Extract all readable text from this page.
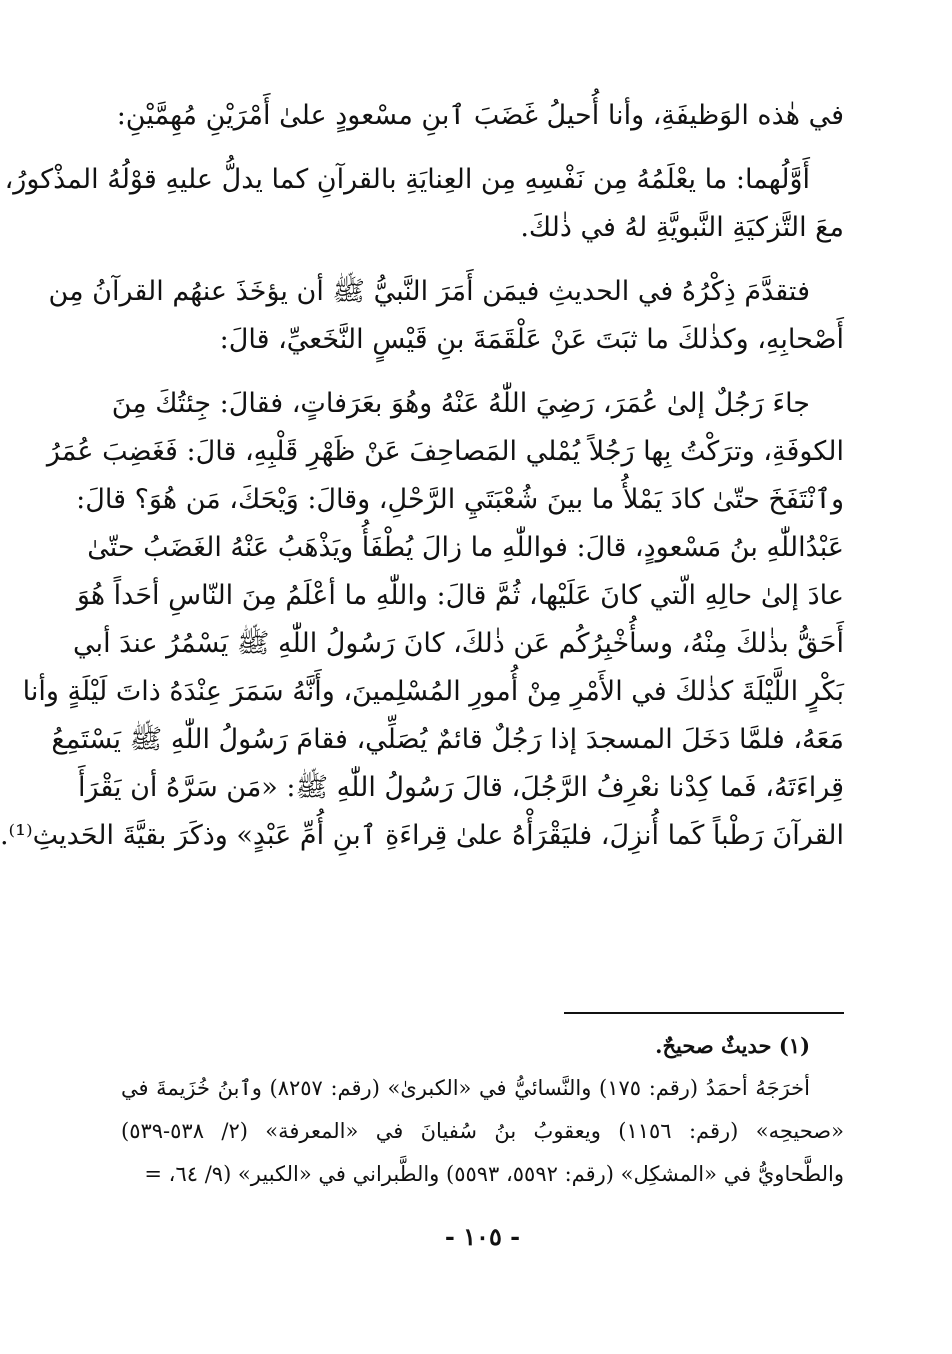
في هٰذه الوَظيفَةِ، وأنا أُحيلُ غَضَبَ ٱبنِ مسْعودٍ علىٰ أَمْرَيْنِ مُهِمَّيْنِ:
أَوَّلُهما: ما يعْلَمُهُ مِن نَفْسِهِ مِن العِنايَةِ بالقرآنِ كما يدلُّ عليهِ قوْلُهُ المذْكورُ،
معَ التَّزكيَةِ النَّبويَّةِ لهُ في ذٰلكَ.
فتقدَّمَ ذِكْرُهُ في الحديثِ فيمَن أَمَرَ النَّبيُّ ﷺ أن يؤخَذَ عنهُم القرآنُ مِن
أَصْحابِهِ، وكذٰلكَ ما ثبَتَ عَنْ عَلْقَمَةَ بنِ قَيْسٍ النَّخَعيِّ، قالَ:
جاءَ رَجُلٌ إلىٰ عُمَرَ، رَضِيَ اللّٰهُ عَنْهُ وهُوَ بعَرَفاتٍ، فقالَ: جِئتُكَ مِنَ
الكوفَةِ، وترَكْتُ بِها رَجُلاً يُمْلي المَصاحِفَ عَنْ ظَهْرِ قَلْبِهِ، قالَ: فَغَضِبَ عُمَرُ
وٱنْتَفَخَ حتّىٰ كادَ يَمْلأُ ما بينَ شُعْبَتَيِ الرَّحْلِ، وقالَ: وَيْحَكَ، مَن هُوَ؟ قالَ:
عَبْدُاللّٰهِ بنُ مَسْعودٍ، قالَ: فواللّٰهِ ما زالَ يُطْفَأُ ويَذْهَبُ عَنْهُ الغَضَبُ حتّىٰ
عادَ إلىٰ حالِهِ الّتي كانَ عَلَيْها، ثُمَّ قالَ: واللّٰهِ ما أعْلَمُ مِنَ النّاسِ أحَداً هُوَ
أَحَقُّ بذٰلكَ مِنْهُ، وسأُخْبِرُكُم عَن ذٰلكَ، كانَ رَسُولُ اللّٰهِ ﷺ يَسْمُرُ عندَ أبي
بَكْرٍ اللَّيْلَةَ كذٰلكَ في الأَمْرِ مِنْ أُمورِ المُسْلِمينَ، وأَنَّهُ سَمَرَ عِنْدَهُ ذاتَ لَيْلَةٍ وأنا
مَعَهُ، فلمَّا دَخَلَ المسجدَ إذا رَجُلٌ قائمٌ يُصَلِّي، فقامَ رَسُولُ اللّٰهِ ﷺ يَسْتَمِعُ
قِراءَتَهُ، فَما كِدْنا نعْرِفُ الرَّجُلَ، قالَ رَسُولُ اللّٰهِ ﷺ: «مَن سَرَّهُ أن يَقْرَأَ
القرآنَ رَطْباً كَما أُنزِلَ، فليَقْرَأْهُ علىٰ قِراءَةِ ٱبنِ أُمِّ عَبْدٍ» وذكَرَ بقيَّةَ الحَديثِ⁽¹⁾.
(١) حديثٌ صحيحٌ.
أخرَجَهُ أحمَدُ (رقم: ١٧٥) والنَّسائيُّ في «الكبرىٰ» (رقم: ٨٢٥٧) وٱبنُ خُزَيمةَ في
«صحيحِه» (رقم: ١١٥٦) ويعقوبُ بنُ سُفيانَ في «المعرفة» (٢/ ٥٣٨-٥٣٩)
والطَّحاويُّ في «المشكِل» (رقم: ٥٥٩٢، ٥٥٩٣) والطَّبراني في «الكبير» (٩/ ٦٤، =
- ١٠٥ -
